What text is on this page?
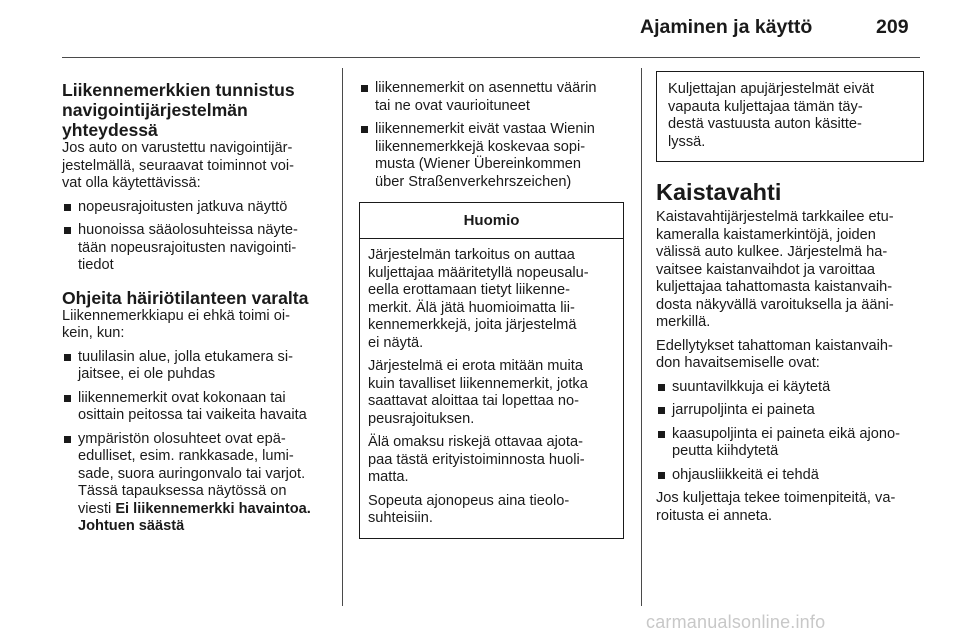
Ajaminen ja käyttö	209
Liikennemerkkien tunnistus
navigointijärjestelmän
yhteydessä

Jos auto on varustettu navigointijär-
jestelmällä, seuraavat toiminnot voi-
vat olla käytettävissä:

nopeusrajoitusten jatkuva näyttö
huonoissa sääolosuhteissa näyte-
tään nopeusrajoitusten navigointi-
tiedot
Ohjeita häiriötilanteen varalta

Liikennemerkkiapu ei ehkä toimi oi-
kein, kun:

tuulilasin alue, jolla etukamera si-
jaitsee, ei ole puhdas
liikennemerkit ovat kokonaan tai
osittain peitossa tai vaikeita havaita
ympäristön olosuhteet ovat epä-
edulliset, esim. rankkasade, lumi-
sade, suora auringonvalo tai varjot.
Tässä tapauksessa näytössä on
viesti Ei liikennemerkki havaintoa.
Johtuen säästä
liikennemerkit on asennettu väärin
tai ne ovat vaurioituneet
liikennemerkit eivät vastaa Wienin
liikennemerkkejä koskevaa sopi-
musta (Wiener Übereinkommen
über Straßenverkehrszeichen)
Huomio

Järjestelmän tarkoitus on auttaa
kuljettajaa määritetyllä nopeusalu-
eella erottamaan tietyt liikenne-
merkit. Älä jätä huomioimatta lii-
kennemerkkejä, joita järjestelmä
ei näytä.

Järjestelmä ei erota mitään muita
kuin tavalliset liikennemerkit, jotka
saattavat aloittaa tai lopettaa no-
peusrajoituksen.

Älä omaksu riskejä ottavaa ajota-
paa tästä erityistoiminnosta huoli-
matta.

Sopeuta ajonopeus aina tieolo-
suhteisiin.

Kuljettajan apujärjestelmät eivät
vapauta kuljettajaa tämän täy-
destä vastuusta auton käsitte-
lyssä.
Kaistavahti

Kaistavahtijärjestelmä tarkkailee etu-
kameralla kaistamerkintöjä, joiden
välissä auto kulkee. Järjestelmä ha-
vaitsee kaistanvaihdot ja varoittaa
kuljettajaa tahattomasta kaistanvaih-
dosta näkyvällä varoituksella ja ääni-
merkillä.

Edellytykset tahattoman kaistanvaih-
don havaitsemiselle ovat:

suuntavilkkuja ei käytetä
jarrupoljinta ei paineta
kaasupoljinta ei paineta eikä ajono-
peutta kiihdytetä
ohjausliikkeitä ei tehdä

Jos kuljettaja tekee toimenpiteitä, va-
roitusta ei anneta.

carmanualsonline.info
